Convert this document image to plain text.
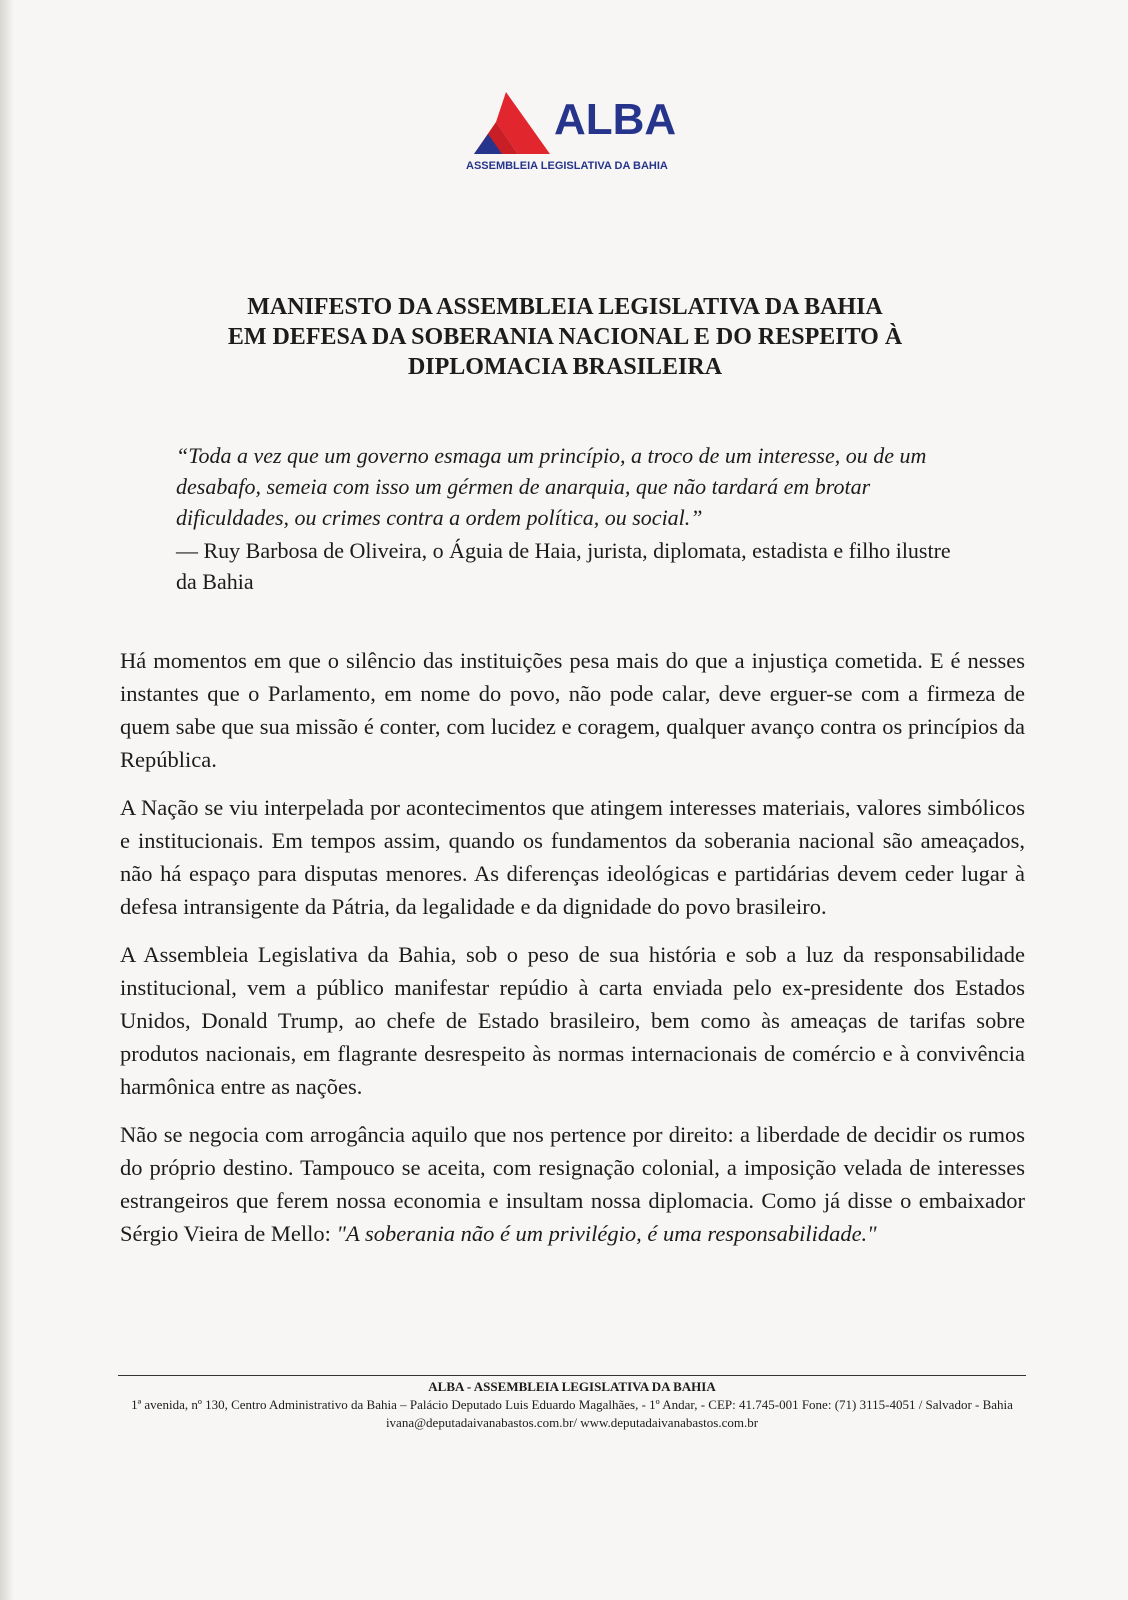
ALBA
ASSEMBLEIA LEGISLATIVA DA BAHIA
MANIFESTO DA ASSEMBLEIA LEGISLATIVA DA BAHIA
EM DEFESA DA SOBERANIA NACIONAL E DO RESPEITO À
DIPLOMACIA BRASILEIRA
“Toda a vez que um governo esmaga um princípio, a troco de um interesse, ou de um desabafo, semeia com isso um gérmen de anarquia, que não tardará em brotar dificuldades, ou crimes contra a ordem política, ou social.”
— Ruy Barbosa de Oliveira, o Águia de Haia, jurista, diplomata, estadista e filho ilustre da Bahia

Há momentos em que o silêncio das instituições pesa mais do que a injustiça cometida. E é nesses instantes que o Parlamento, em nome do povo, não pode calar, deve erguer-se com a firmeza de quem sabe que sua missão é conter, com lucidez e coragem, qualquer avanço contra os princípios da República.

A Nação se viu interpelada por acontecimentos que atingem interesses materiais, valores simbólicos e institucionais. Em tempos assim, quando os fundamentos da soberania nacional são ameaçados, não há espaço para disputas menores. As diferenças ideológicas e partidárias devem ceder lugar à defesa intransigente da Pátria, da legalidade e da dignidade do povo brasileiro.

A Assembleia Legislativa da Bahia, sob o peso de sua história e sob a luz da responsabilidade institucional, vem a público manifestar repúdio à carta enviada pelo ex-presidente dos Estados Unidos, Donald Trump, ao chefe de Estado brasileiro, bem como às ameaças de tarifas sobre produtos nacionais, em flagrante desrespeito às normas internacionais de comércio e à convivência harmônica entre as nações.

Não se negocia com arrogância aquilo que nos pertence por direito: a liberdade de decidir os rumos do próprio destino. Tampouco se aceita, com resignação colonial, a imposição velada de interesses estrangeiros que ferem nossa economia e insultam nossa diplomacia. Como já disse o embaixador Sérgio Vieira de Mello: "A soberania não é um privilégio, é uma responsabilidade."

ALBA - ASSEMBLEIA LEGISLATIVA DA BAHIA
1ª avenida, nº 130, Centro Administrativo da Bahia – Palácio Deputado Luis Eduardo Magalhães, - 1º Andar, - CEP: 41.745-001 Fone: (71) 3115-4051 / Salvador - Bahia
ivana@deputadaivanabastos.com.br/ www.deputadaivanabastos.com.br
